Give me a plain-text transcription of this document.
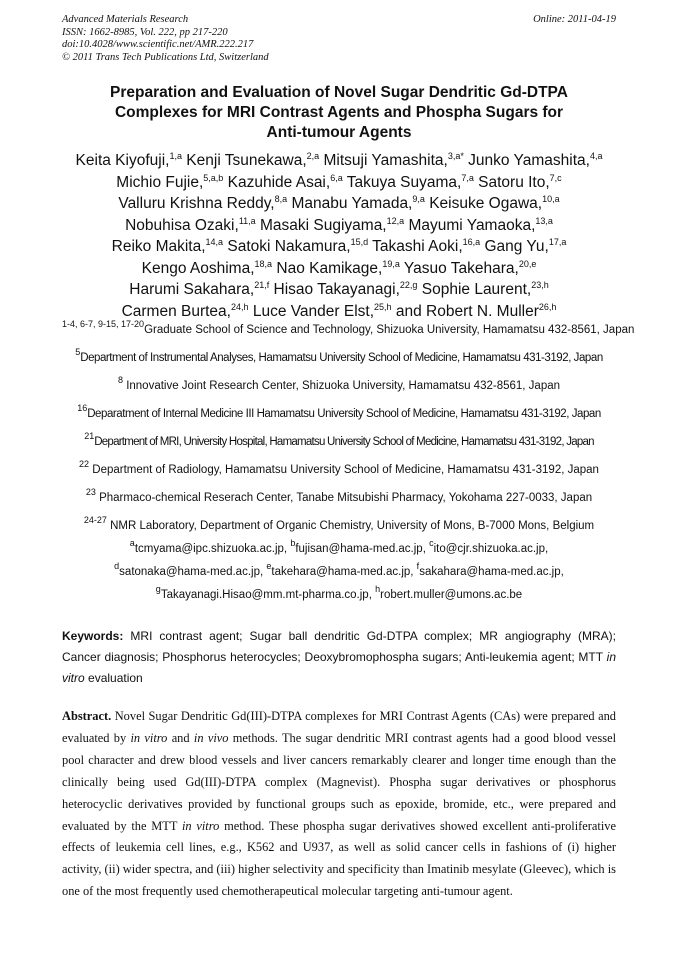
Advanced Materials Research
ISSN: 1662-8985, Vol. 222, pp 217-220
doi:10.4028/www.scientific.net/AMR.222.217
© 2011 Trans Tech Publications Ltd, Switzerland
Online: 2011-04-19
Preparation and Evaluation of Novel Sugar Dendritic Gd-DTPA
Complexes for MRI Contrast Agents and Phospha Sugars for
Anti-tumour Agents
Keita Kiyofuji,$^{1,a}$ Kenji Tsunekawa,$^{2,a}$ Mitsuji Yamashita,$^{3,a*}$ Junko Yamashita,$^{4,a}$
Michio Fujie,$^{5,a,b}$ Kazuhide Asai,$^{6,a}$ Takuya Suyama,$^{7,a}$ Satoru Ito,$^{7,c}$
Valluru Krishna Reddy,$^{8,a}$ Manabu Yamada,$^{9,a}$ Keisuke Ogawa,$^{10,a}$
Nobuhisa Ozaki,$^{11,a}$ Masaki Sugiyama,$^{12,a}$ Mayumi Yamaoka,$^{13,a}$
Reiko Makita,$^{14,a}$ Satoki Nakamura,$^{15,d}$ Takashi Aoki,$^{16,a}$ Gang Yu,$^{17,a}$
Kengo Aoshima,$^{18,a}$ Nao Kamikage,$^{19,a}$ Yasuo Takehara,$^{20,e}$
Harumi Sakahara,$^{21,f}$ Hisao Takayanagi,$^{22,g}$ Sophie Laurent,$^{23,h}$
Carmen Burtea,$^{24,h}$ Luce Vander Elst,$^{25,h}$ and Robert N. Muller$^{26,h}$
$^{1-4, 6-7, 9-15, 17-20}$Graduate School of Science and Technology, Shizuoka University, Hamamatsu 432-8561, Japan
$^5$Department of Instrumental Analyses, Hamamatsu University School of Medicine, Hamamatsu 431-3192, Japan
$^8$ Innovative Joint Research Center, Shizuoka University, Hamamatsu 432-8561, Japan
$^{16}$Deparatment of Internal Medicine III Hamamatsu University School of Medicine, Hamamatsu 431-3192, Japan
$^{21}$Department of MRI, University Hospital, Hamamatsu University School of Medicine, Hamamatsu 431-3192, Japan
$^{22}$ Department of Radiology, Hamamatsu University School of Medicine, Hamamatsu 431-3192, Japan
$^{23}$ Pharmaco-chemical Reserach Center, Tanabe Mitsubishi Pharmacy, Yokohama 227-0033, Japan
$^{24-27}$ NMR Laboratory, Department of Organic Chemistry, University of Mons, B-7000 Mons, Belgium
$^a$tcmyama@ipc.shizuoka.ac.jp, $^b$fujisan@hama-med.ac.jp, $^c$ito@cjr.shizuoka.ac.jp,
$^d$satonaka@hama-med.ac.jp, $^e$takehara@hama-med.ac.jp, $^f$sakahara@hama-med.ac.jp,
$^g$Takayanagi.Hisao@mm.mt-pharma.co.jp, $^h$robert.muller@umons.ac.be
Keywords: MRI contrast agent; Sugar ball dendritic Gd-DTPA complex; MR angiography (MRA); Cancer diagnosis; Phosphorus heterocycles; Deoxybromophospha sugars; Anti-leukemia agent; MTT in vitro evaluation
Abstract. Novel Sugar Dendritic Gd(III)-DTPA complexes for MRI Contrast Agents (CAs) were prepared and evaluated by in vitro and in vivo methods. The sugar dendritic MRI contrast agents had a good blood vessel pool character and drew blood vessels and liver cancers remarkably clearer and longer time enough than the clinically being used Gd(III)-DTPA complex (Magnevist). Phospha sugar derivatives or phosphorus heterocyclic derivatives provided by functional groups such as epoxide, bromide, etc., were prepared and evaluated by the MTT in vitro method. These phospha sugar derivatives showed excellent anti-proliferative effects of leukemia cell lines, e.g., K562 and U937, as well as solid cancer cells in fashions of (i) higher activity, (ii) wider spectra, and (iii) higher selectivity and specificity than Imatinib mesylate (Gleevec), which is one of the most frequently used chemotherapeutical molecular targeting anti-tumour agent.
